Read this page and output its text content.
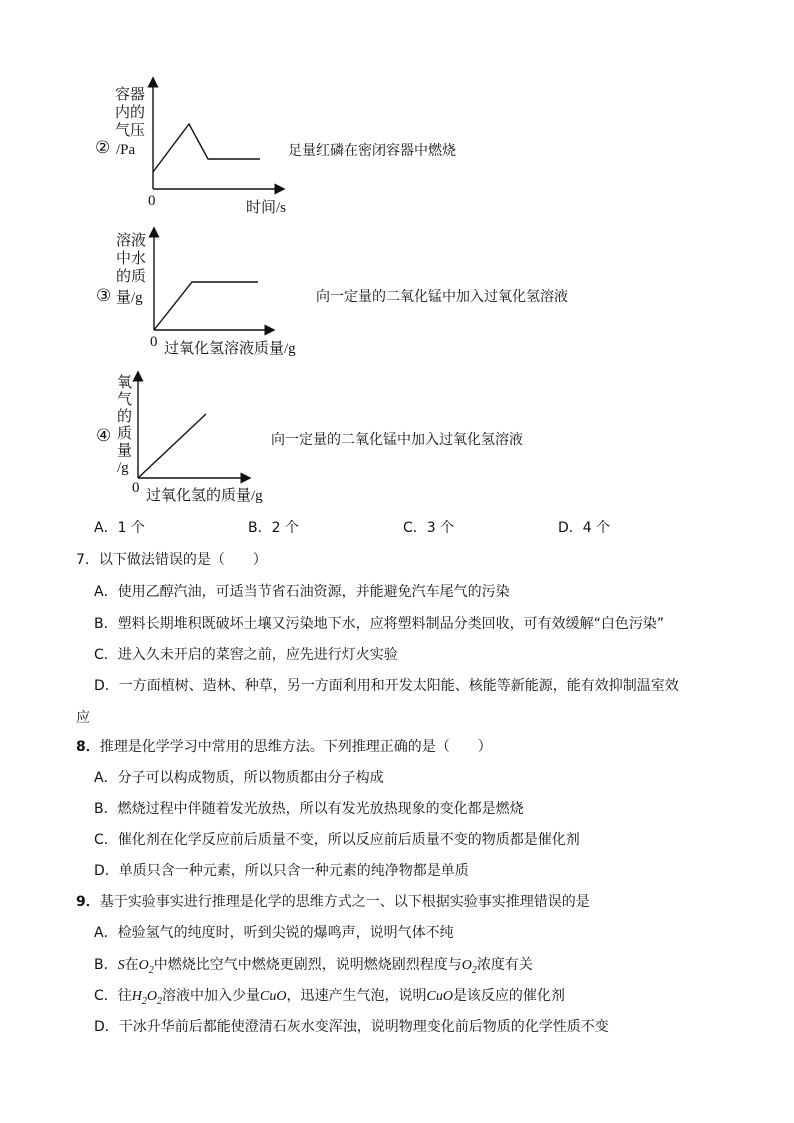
容器
内的
气压
② /Pa
0	时间/s
足量红磷在密闭容器中燃烧
溶液
中水
的质
③ 量/g
0 过氧化氢溶液质量/g
向一定量的二氧化锰中加入过氧化氢溶液
氧
气
的
质
量
/g
④
0 过氧化氢的质量/g
向一定量的二氧化锰中加入过氧化氢溶液
A．1 个	B．2 个	C．3 个	D．4 个
7．以下做法错误的是（　　）
A．使用乙醇汽油，可适当节省石油资源，并能避免汽车尾气的污染
B．塑料长期堆积既破坏土壤又污染地下水，应将塑料制品分类回收，可有效缓解“白色污染”
C．进入久未开启的菜窖之前，应先进行灯火实验
D．一方面植树、造林、种草，另一方面利用和开发太阳能、核能等新能源，能有效抑制温室效
应
8．推理是化学学习中常用的思维方法。下列推理正确的是（　　）
A．分子可以构成物质，所以物质都由分子构成
B．燃烧过程中伴随着发光放热，所以有发光放热现象的变化都是燃烧
C．催化剂在化学反应前后质量不变，所以反应前后质量不变的物质都是催化剂
D．单质只含一种元素，所以只含一种元素的纯净物都是单质
9．基于实验事实进行推理是化学的思维方式之一、以下根据实验事实推理错误的是
A．检验氢气的纯度时，听到尖锐的爆鸣声，说明气体不纯
B．S在$O_2$中燃烧比空气中燃烧更剧烈，说明燃烧剧烈程度与$O_2$浓度有关
C．往$H_2O_2$溶液中加入少量CuO，迅速产生气泡，说明CuO是该反应的催化剂
D．干冰升华前后都能使澄清石灰水变浑浊，说明物理变化前后物质的化学性质不变
